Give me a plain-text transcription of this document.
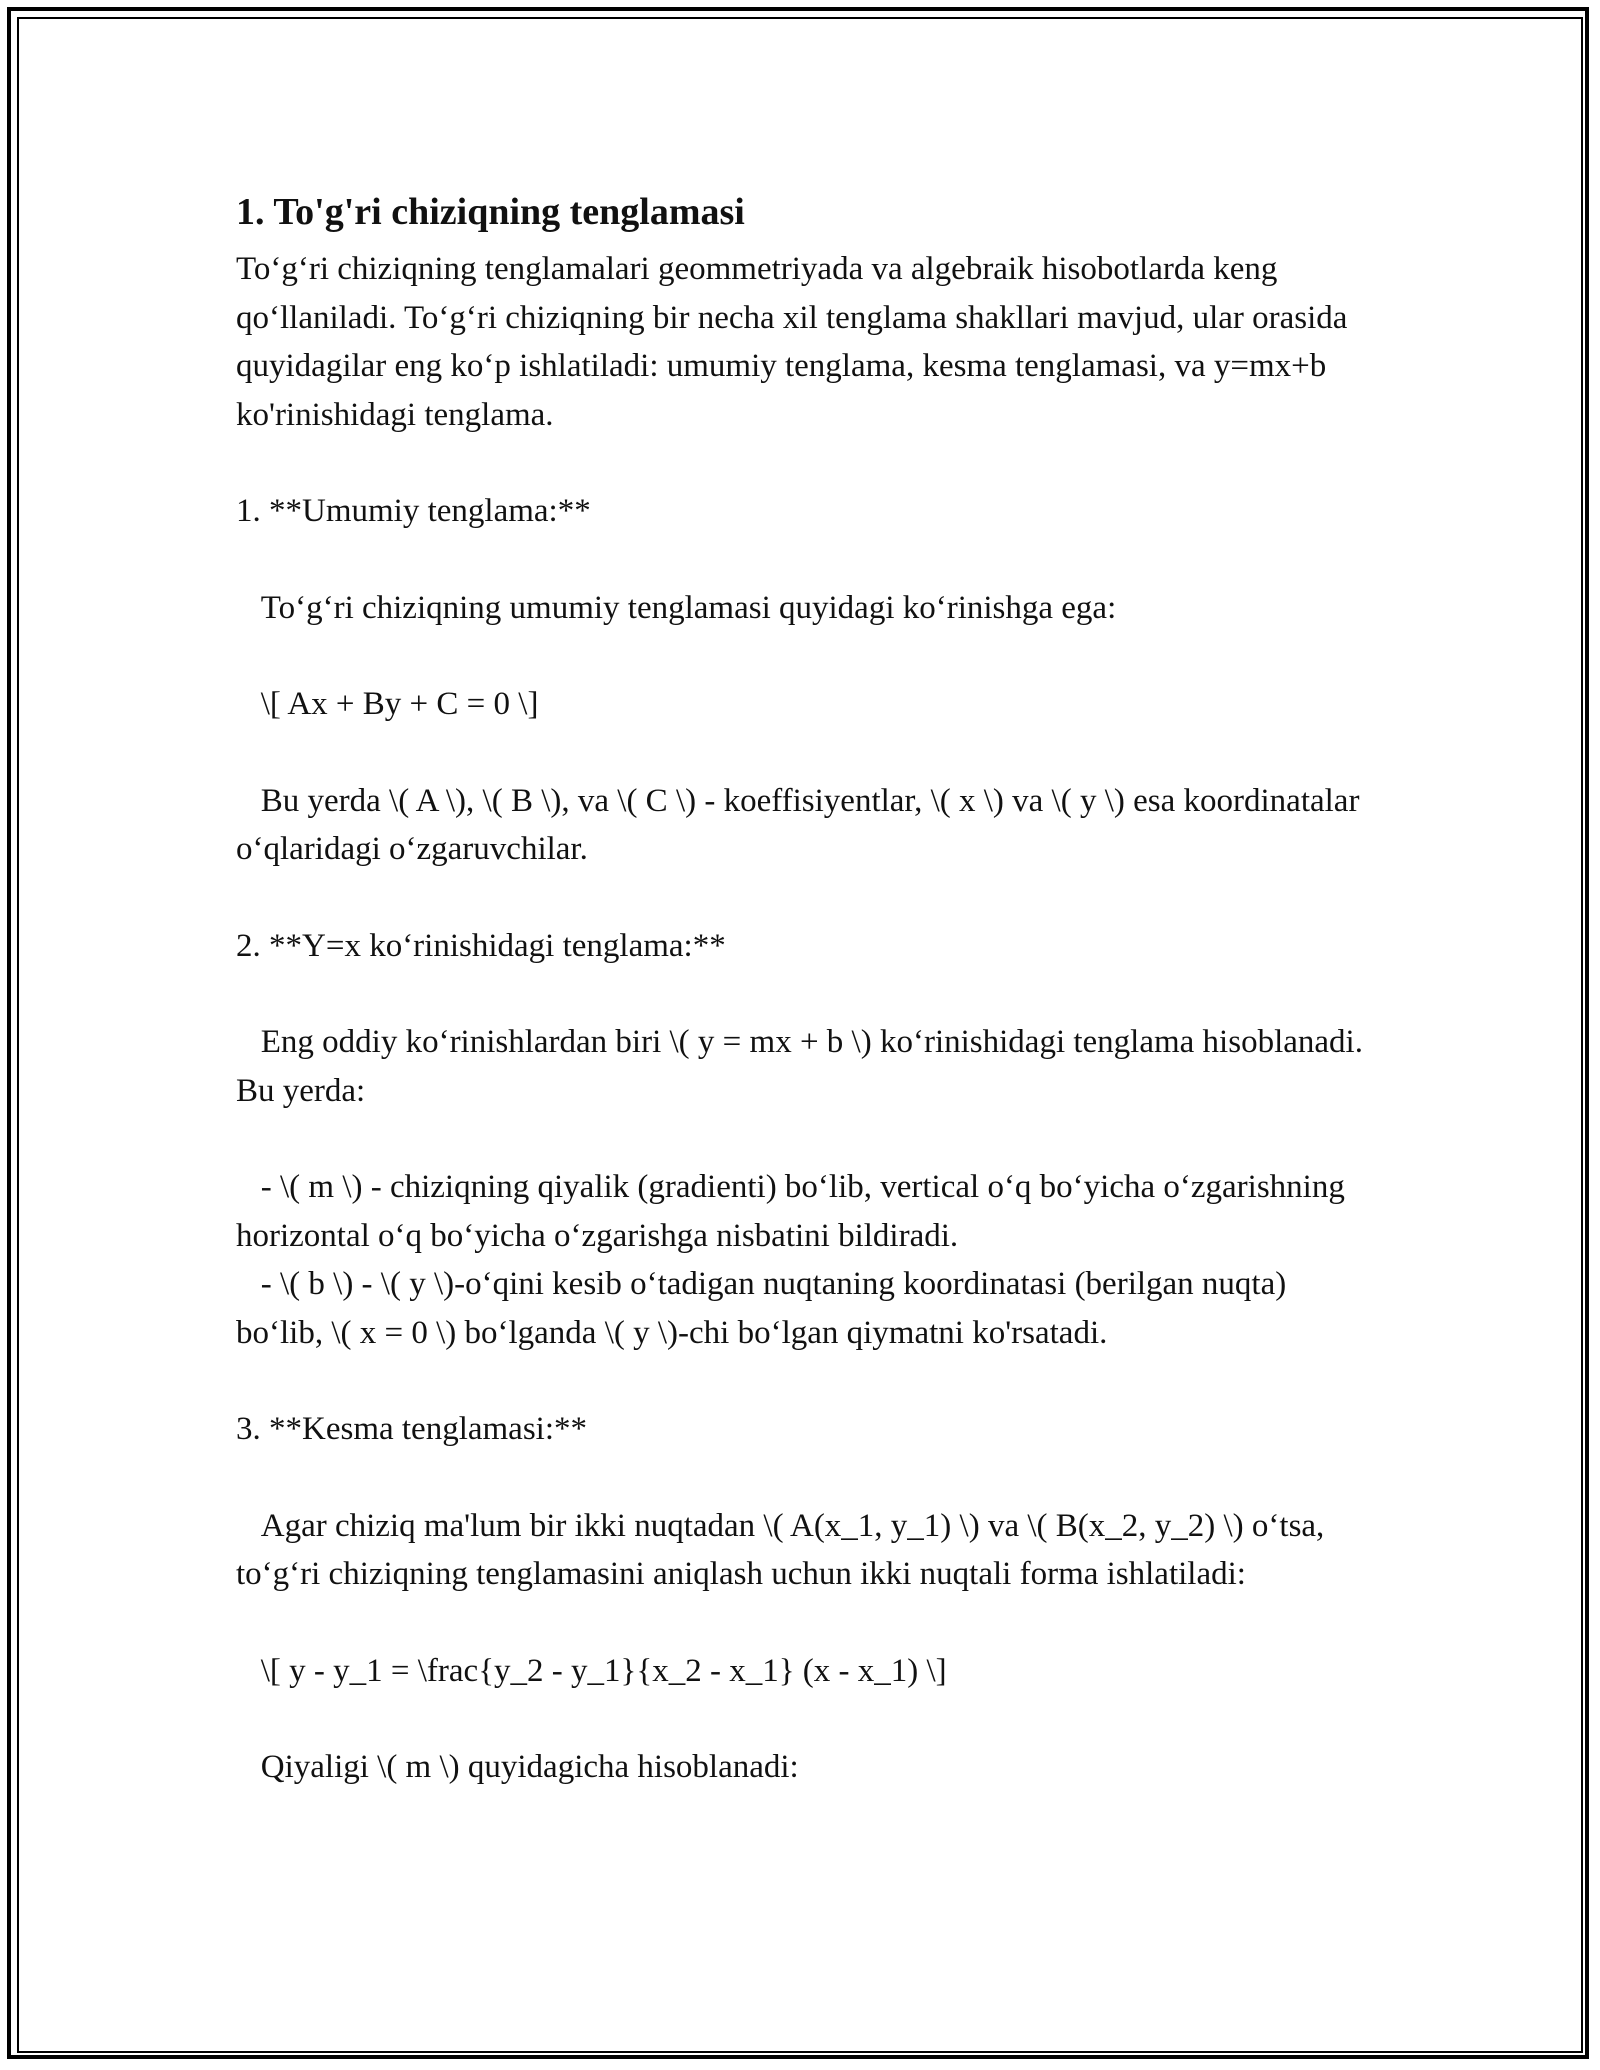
1. To'g'ri chiziqning tenglamasi

To‘g‘ri chiziqning tenglamalari geommetriyada va algebraik hisobotlarda keng qo‘llaniladi. To‘g‘ri chiziqning bir necha xil tenglama shakllari mavjud, ular orasida quyidagilar eng ko‘p ishlatiladi: umumiy tenglama, kesma tenglamasi, va y=mx+b ko'rinishidagi tenglama.

1. **Umumiy tenglama:**

To‘g‘ri chiziqning umumiy tenglamasi quyidagi ko‘rinishga ega:

\[ Ax + By + C = 0 \]

Bu yerda \( A \), \( B \), va \( C \) - koeffisiyentlar, \( x \) va \( y \) esa koordinatalar o‘qlaridagi o‘zgaruvchilar.

2. **Y=x ko‘rinishidagi tenglama:**

Eng oddiy ko‘rinishlardan biri \( y = mx + b \) ko‘rinishidagi tenglama hisoblanadi. Bu yerda:

- \( m \) - chiziqning qiyalik (gradienti) bo‘lib, vertical o‘q bo‘yicha o‘zgarishning horizontal o‘q bo‘yicha o‘zgarishga nisbatini bildiradi.
- \( b \) - \( y \)-o‘qini kesib o‘tadigan nuqtaning koordinatasi (berilgan nuqta) bo‘lib, \( x = 0 \) bo‘lganda \( y \)-chi bo‘lgan qiymatni ko'rsatadi.

3. **Kesma tenglamasi:**

Agar chiziq ma'lum bir ikki nuqtadan \( A(x_1, y_1) \) va \( B(x_2, y_2) \) o‘tsa, to‘g‘ri chiziqning tenglamasini aniqlash uchun ikki nuqtali forma ishlatiladi:

\[ y - y_1 = \frac{y_2 - y_1}{x_2 - x_1} (x - x_1) \]

Qiyaligi \( m \) quyidagicha hisoblanadi:
